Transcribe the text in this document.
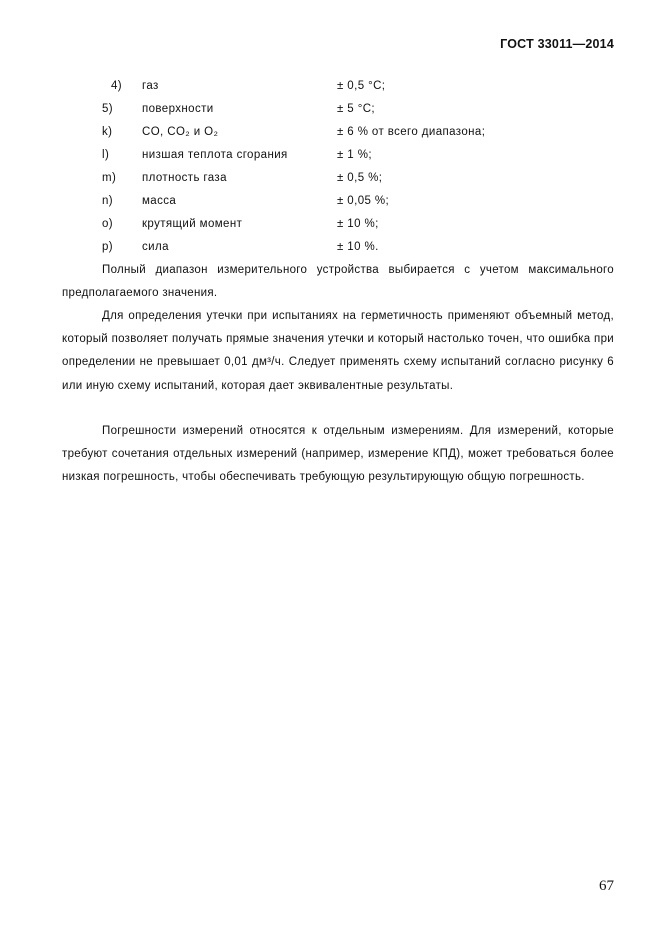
ГОСТ 33011—2014
4) газ	± 0,5 °C;
5)	поверхности	± 5 °C;
k)	CO, CO₂ и O₂	± 6 % от всего диапазона;
l)	низшая теплота сгорания	± 1 %;
m)	плотность газа	± 0,5 %;
n)	масса	± 0,05 %;
o)	крутящий момент	± 10 %;
p)	сила	± 10 %.
Полный диапазон измерительного устройства выбирается с учетом максимального предполагаемого значения.
Для определения утечки при испытаниях на герметичность применяют объемный метод, который позволяет получать прямые значения утечки и который настолько точен, что ошибка при определении не превышает 0,01 дм³/ч. Следует применять схему испытаний согласно рисунку 6 или иную схему испытаний, которая дает эквивалентные результаты.
Погрешности измерений относятся к отдельным измерениям. Для измерений, которые требуют сочетания отдельных измерений (например, измерение КПД), может требоваться более низкая погрешность, чтобы обеспечивать требующую результирующую общую погрешность.
67
